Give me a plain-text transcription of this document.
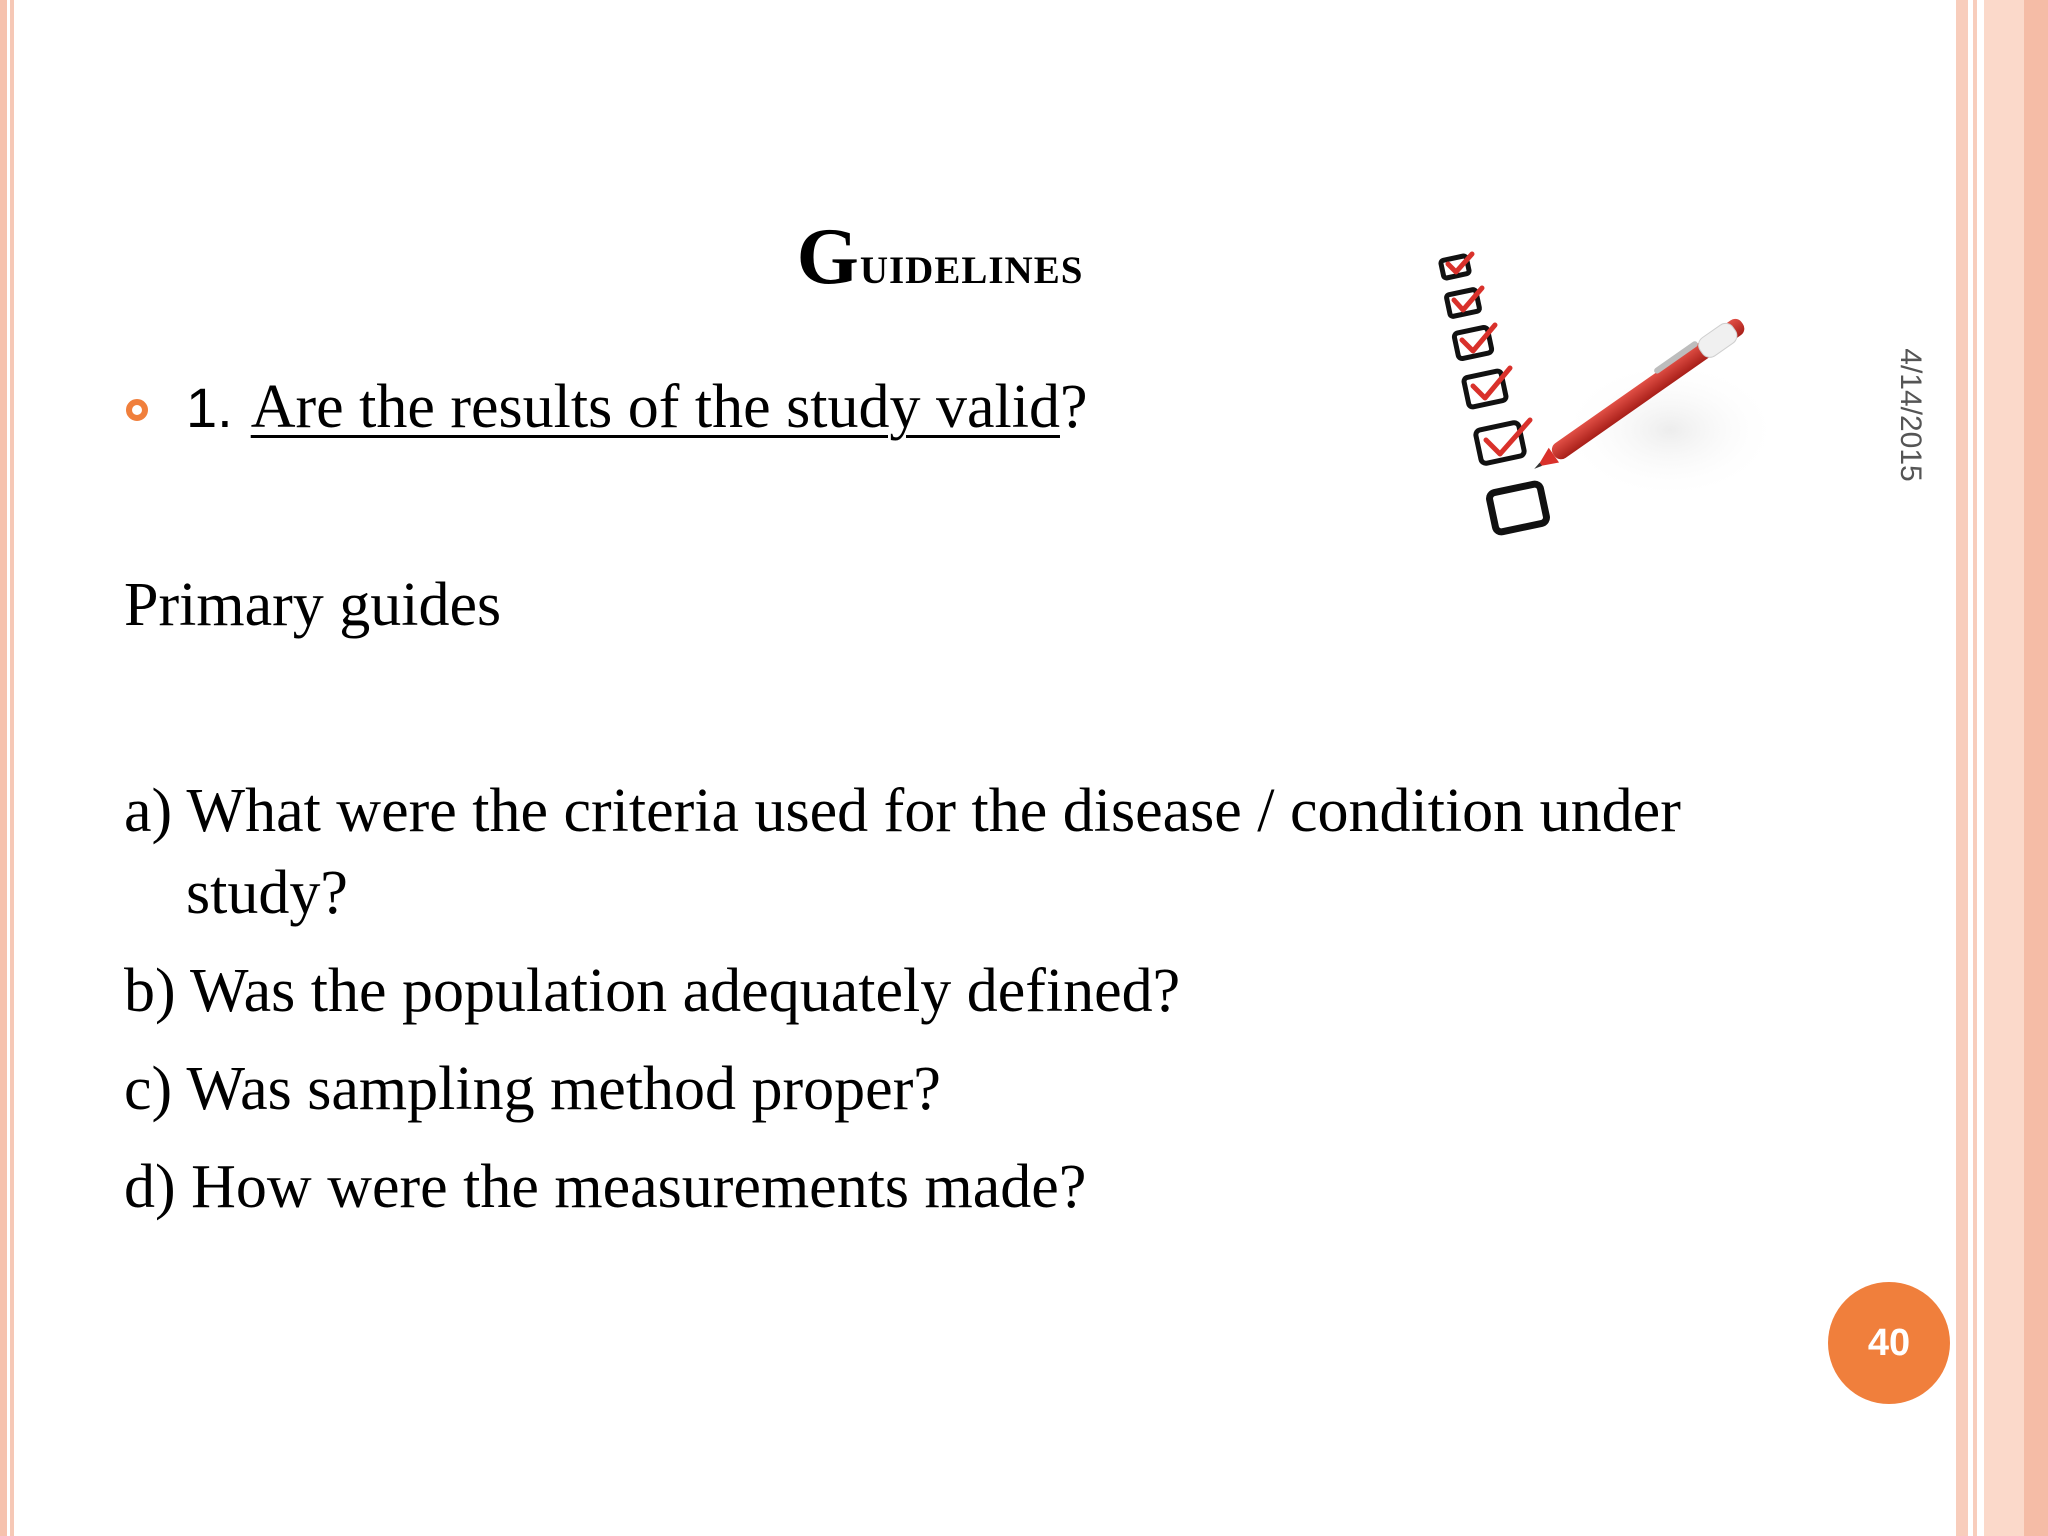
Guidelines
1. Are the results of the study valid?
Primary guides
a) What were the criteria used for the disease / condition under study?
b) Was the population adequately defined?
c) Was sampling method proper?
d) How were the measurements made?
4/14/2015
40
